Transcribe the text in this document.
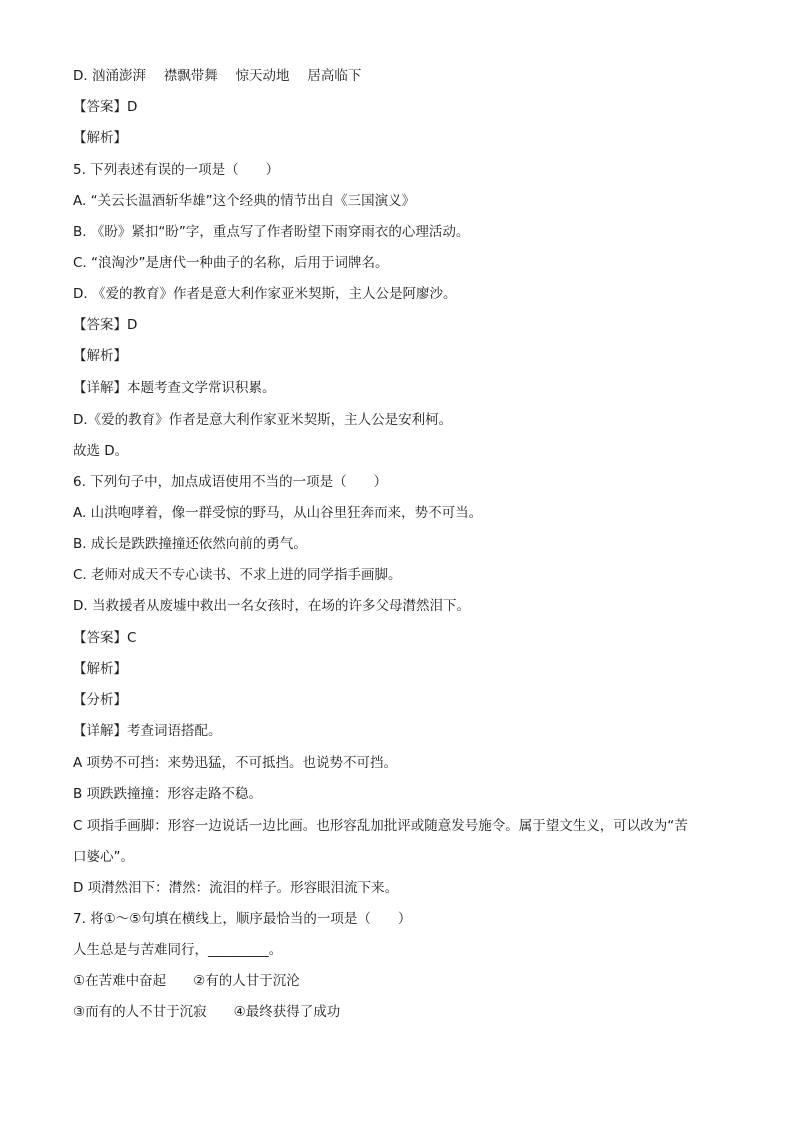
D. 汹涌澎湃　 襟飘带舞　 惊天动地　 居高临下
【答案】D
【解析】
5. 下列表述有误的一项是（　　）
A. “关云长温酒斩华雄”这个经典的情节出自《三国演义》
B. 《盼》紧扣“盼”字，重点写了作者盼望下雨穿雨衣的心理活动。
C. “浪淘沙”是唐代一种曲子的名称，后用于词牌名。
D. 《爱的教育》作者是意大利作家亚米契斯，主人公是阿廖沙。
【答案】D
【解析】
【详解】本题考查文学常识积累。
D.《爱的教育》作者是意大利作家亚米契斯，主人公是安利柯。
故选 D。
6. 下列句子中，加点成语使用不当的一项是（　　）
A. 山洪咆哮着，像一群受惊的野马，从山谷里狂奔而来，势不可当。
B. 成长是跌跌撞撞还依然向前的勇气。
C. 老师对成天不专心读书、不求上进的同学指手画脚。
D. 当救援者从废墟中救出一名女孩时，在场的许多父母潸然泪下。
【答案】C
【解析】
【分析】
【详解】考查词语搭配。
A 项势不可挡：来势迅猛，不可抵挡。也说势不可挡。
B 项跌跌撞撞：形容走路不稳。
C 项指手画脚：形容一边说话一边比画。也形容乱加批评或随意发号施令。属于望文生义，可以改为“苦
口婆心”。
D 项潸然泪下：潸然：流泪的样子。形容眼泪流下来。
7. 将①～⑤句填在横线上，顺序最恰当的一项是（　　）
人生总是与苦难同行，_________。
①在苦难中奋起　　②有的人甘于沉沦
③而有的人不甘于沉寂　　④最终获得了成功
